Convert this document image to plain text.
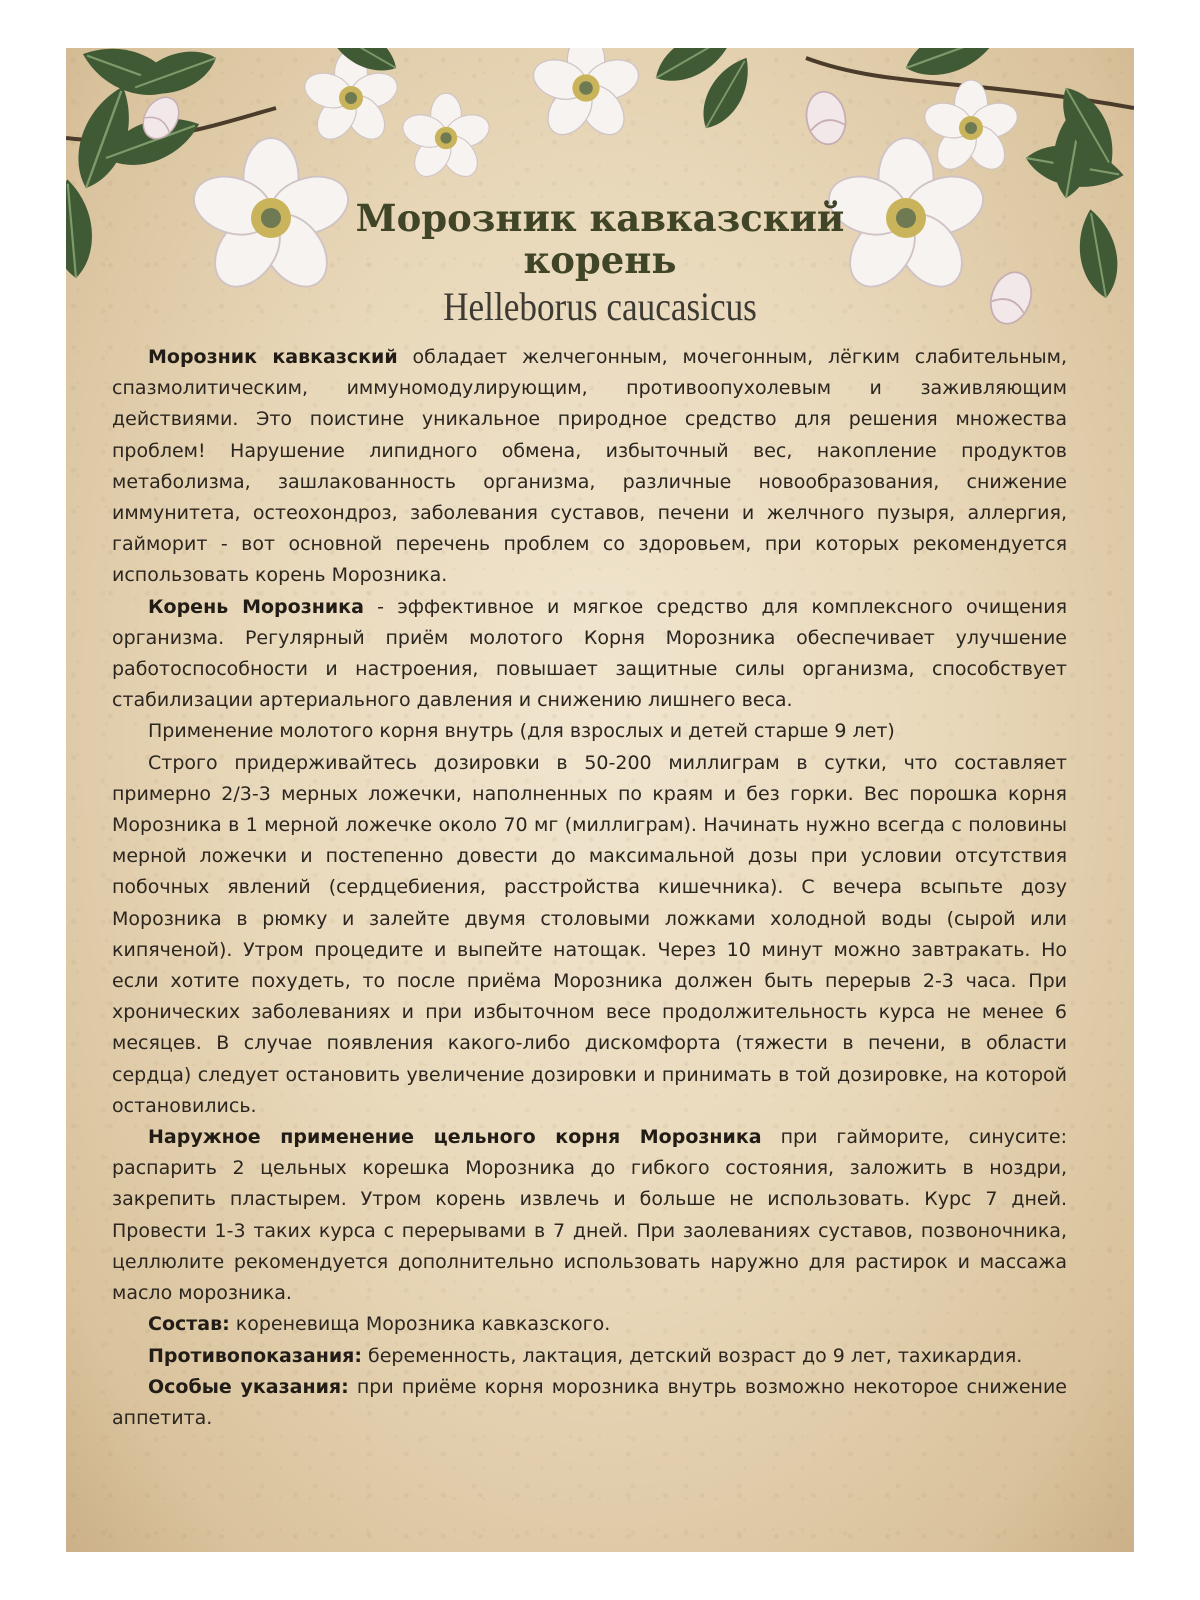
Морозник кавказский
корень
Helleborus caucasicus

Морозник кавказский обладает желчегонным, мочегонным, лёгким слабительным, спазмолитическим, иммуномодулирующим, противоопухолевым и заживляющим действиями. Это поистине уникальное природное средство для решения множества проблем! Нарушение липидного обмена, избыточный вес, накопление продуктов метаболизма, зашлакованность организма, различные новообразования, снижение иммунитета, остеохондроз, заболевания суставов, печени и желчного пузыря, аллергия, гайморит - вот основной перечень проблем со здоровьем, при которых рекомендуется использовать корень Морозника.

Корень Морозника - эффективное и мягкое средство для комплексного очищения организма. Регулярный приём молотого Корня Морозника обеспечивает улучшение работоспособности и настроения, повышает защитные силы организма, способствует стабилизации артериального давления и снижению лишнего веса.

Применение молотого корня внутрь (для взрослых и детей старше 9 лет)

Строго придерживайтесь дозировки в 50-200 миллиграм в сутки, что составляет примерно 2/3-3 мерных ложечки, наполненных по краям и без горки. Вес порошка корня Морозника в 1 мерной ложечке около 70 мг (миллиграм). Начинать нужно всегда с половины мерной ложечки и постепенно довести до максимальной дозы при условии отсутствия побочных явлений (сердцебиения, расстройства кишечника). С вечера всыпьте дозу Морозника в рюмку и залейте двумя столовыми ложками холодной воды (сырой или кипяченой). Утром процедите и выпейте натощак. Через 10 минут можно завтракать. Но если хотите похудеть, то после приёма Морозника должен быть перерыв 2-3 часа. При хронических заболеваниях и при избыточном весе продолжительность курса не менее 6 месяцев. В случае появления какого-либо дискомфорта (тяжести в печени, в области сердца) следует остановить увеличение дозировки и принимать в той дозировке, на которой остановились.

Наружное применение цельного корня Морозника при гайморите, синусите: распарить 2 цельных корешка Морозника до гибкого состояния, заложить в ноздри, закрепить пластырем. Утром корень извлечь и больше не использовать. Курс 7 дней. Провести 1-3 таких курса с перерывами в 7 дней. При заолеваниях суставов, позвоночника, целлюлите рекомендуется дополнительно использовать наружно для растирок и массажа масло морозника.

Состав: кореневища Морозника кавказского.

Противопоказания: беременность, лактация, детский возраст до 9 лет, тахикардия.

Особые указания: при приёме корня морозника внутрь возможно некоторое снижение аппетита.
